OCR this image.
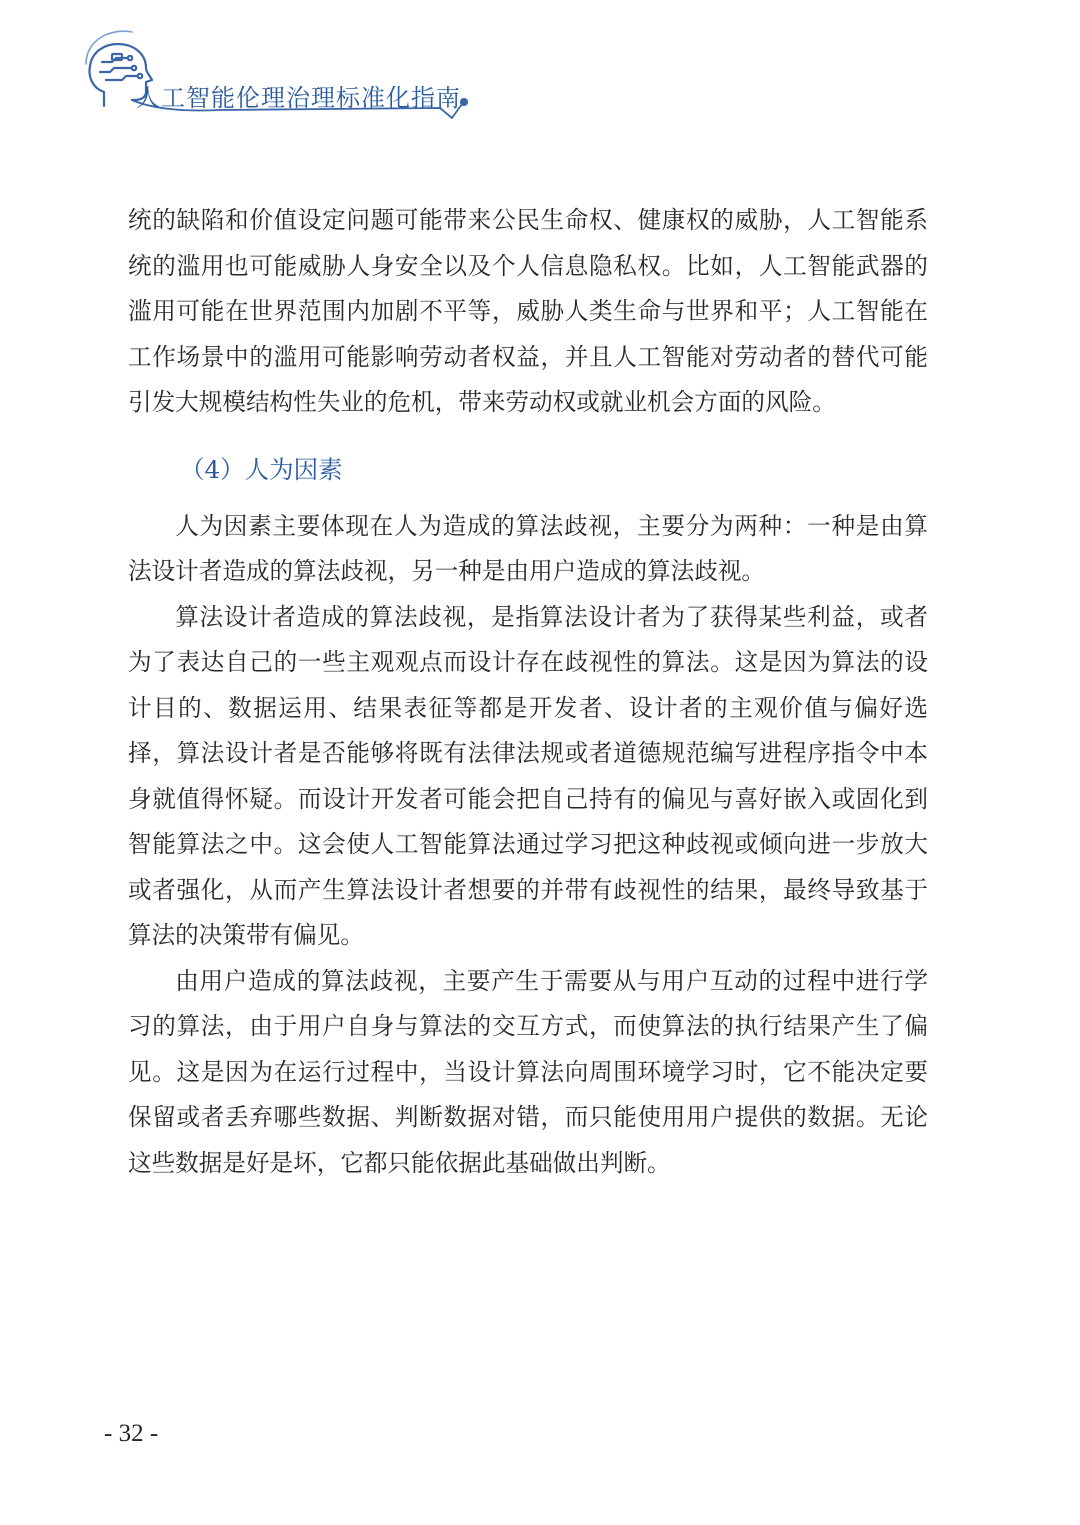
人工智能伦理治理标准化指南

统的缺陷和价值设定问题可能带来公民生命权、健康权的威胁，人工智能系统的滥用也可能威胁人身安全以及个人信息隐私权。比如，人工智能武器的滥用可能在世界范围内加剧不平等，威胁人类生命与世界和平；人工智能在工作场景中的滥用可能影响劳动者权益，并且人工智能对劳动者的替代可能引发大规模结构性失业的危机，带来劳动权或就业机会方面的风险。

（4）人为因素

人为因素主要体现在人为造成的算法歧视，主要分为两种：一种是由算法设计者造成的算法歧视，另一种是由用户造成的算法歧视。

算法设计者造成的算法歧视，是指算法设计者为了获得某些利益，或者为了表达自己的一些主观观点而设计存在歧视性的算法。这是因为算法的设计目的、数据运用、结果表征等都是开发者、设计者的主观价值与偏好选择，算法设计者是否能够将既有法律法规或者道德规范编写进程序指令中本身就值得怀疑。而设计开发者可能会把自己持有的偏见与喜好嵌入或固化到智能算法之中。这会使人工智能算法通过学习把这种歧视或倾向进一步放大或者强化，从而产生算法设计者想要的并带有歧视性的结果，最终导致基于算法的决策带有偏见。

由用户造成的算法歧视，主要产生于需要从与用户互动的过程中进行学习的算法，由于用户自身与算法的交互方式，而使算法的执行结果产生了偏见。这是因为在运行过程中，当设计算法向周围环境学习时，它不能决定要保留或者丢弃哪些数据、判断数据对错，而只能使用用户提供的数据。无论这些数据是好是坏，它都只能依据此基础做出判断。

- 32 -
